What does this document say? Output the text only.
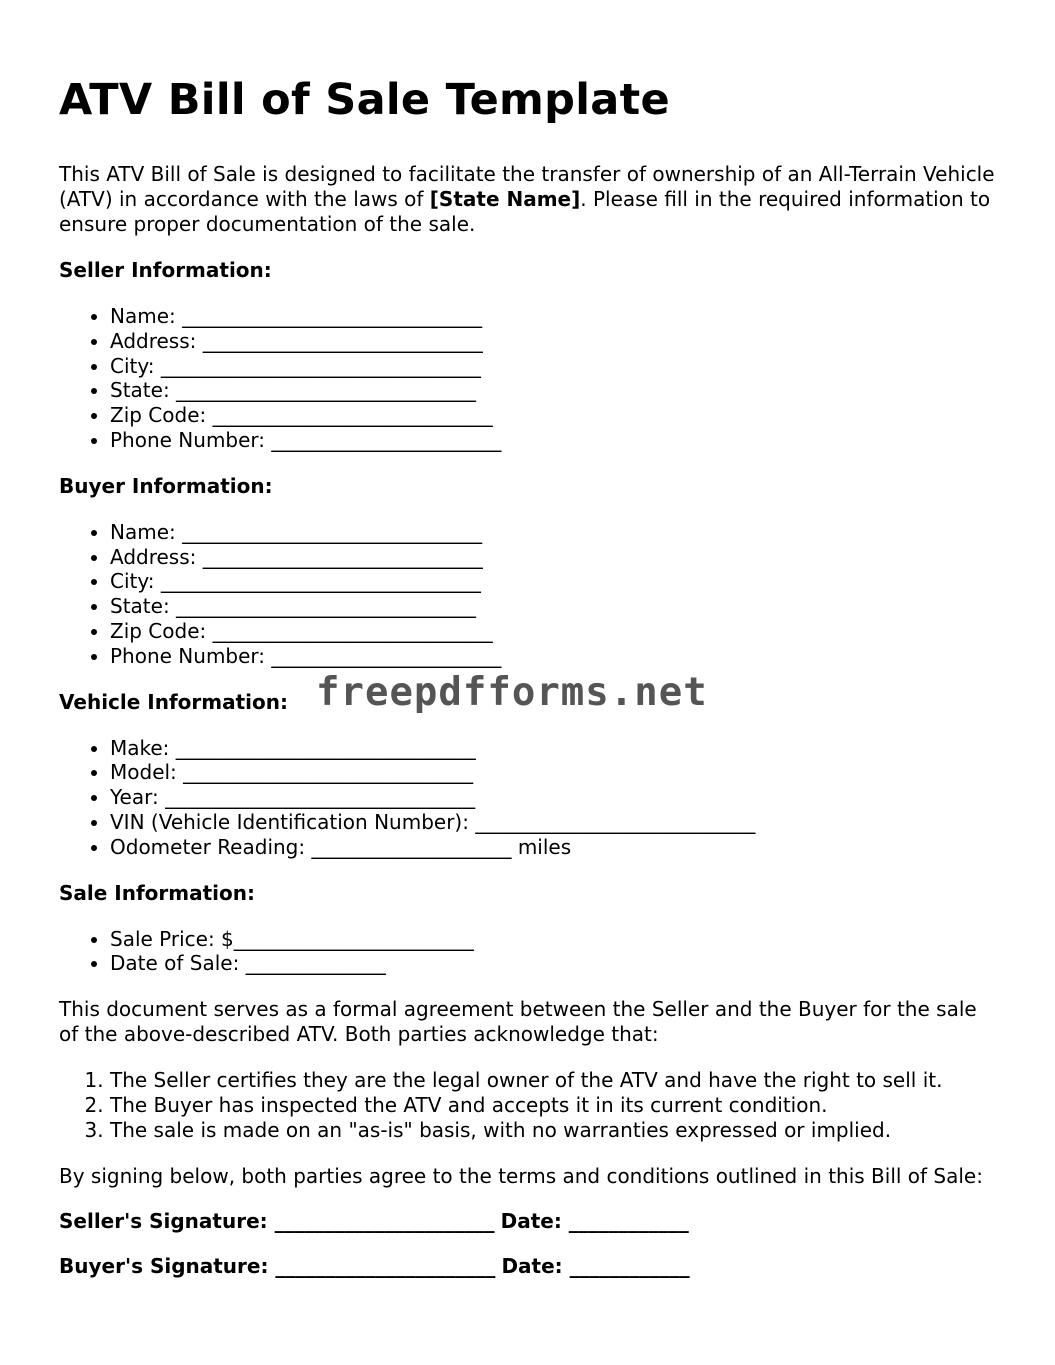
ATV Bill of Sale Template

This ATV Bill of Sale is designed to facilitate the transfer of ownership of an All-Terrain Vehicle (ATV) in accordance with the laws of [State Name]. Please fill in the required information to ensure proper documentation of the sale.

Seller Information:
• Name: ______________________________
• Address: ____________________________
• City: ________________________________
• State: ______________________________
• Zip Code: ____________________________
• Phone Number: _______________________
Buyer Information:
• Name: ______________________________
• Address: ____________________________
• City: ________________________________
• State: ______________________________
• Zip Code: ____________________________
• Phone Number: _______________________
Vehicle Information: freepdfforms.net
• Make: ______________________________
• Model: _____________________________
• Year: _______________________________
• VIN (Vehicle Identification Number): ____________________________
• Odometer Reading: ____________________ miles
Sale Information:
• Sale Price: $________________________
• Date of Sale: ______________

This document serves as a formal agreement between the Seller and the Buyer for the sale of the above-described ATV. Both parties acknowledge that:

1. The Seller certifies they are the legal owner of the ATV and have the right to sell it.
2. The Buyer has inspected the ATV and accepts it in its current condition.
3. The sale is made on an "as-is" basis, with no warranties expressed or implied.

By signing below, both parties agree to the terms and conditions outlined in this Bill of Sale:

Seller's Signature: ______________________ Date: ____________
Buyer's Signature: ______________________ Date: ____________
